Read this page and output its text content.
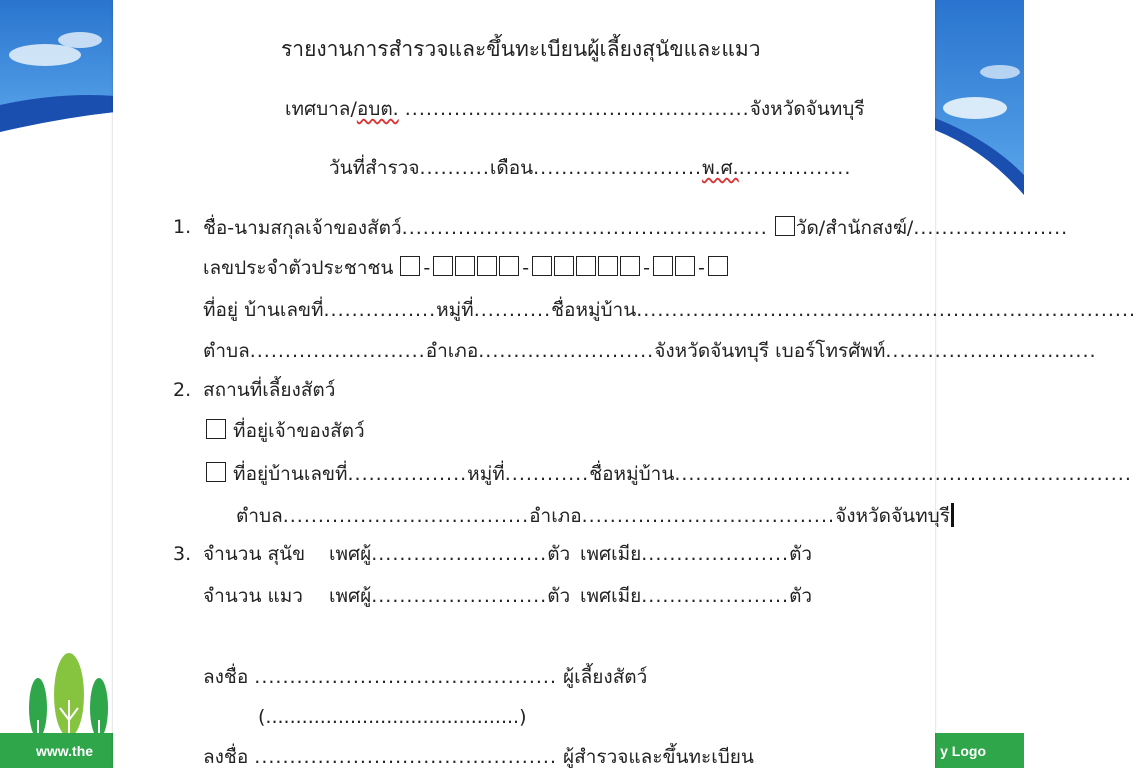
www.the	y Logo
รายงานการสำรวจและขึ้นทะเบียนผู้เลี้ยงสุนัขและแมว
เทศบาล/อบต. .................................................จังหวัดจันทบุรี
วันที่สำรวจ..........เดือน........................พ.ศ.................
1. ชื่อ-นามสกุลเจ้าของสัตว์.................................................... วัด/สำนักสงฆ์/......................
เลขประจำตัวประชาชน -	-	-	-
ที่อยู่ บ้านเลขที่................หมู่ที่...........ชื่อหมู่บ้าน.......................................................................
ตำบล.........................อำเภอ.........................จังหวัดจันทบุรี เบอร์โทรศัพท์..............................
2. สถานที่เลี้ยงสัตว์
ที่อยู่เจ้าของสัตว์
ที่อยู่บ้านเลขที่.................หมู่ที่............ชื่อหมู่บ้าน.................................................................
ตำบล...................................อำเภอ....................................จังหวัดจันทบุรี
3. จำนวน สุนัข เพศผู้.........................ตัว เพศเมีย.....................ตัว
จำนวน แมว เพศผู้.........................ตัว เพศเมีย.....................ตัว
ลงชื่อ ........................................... ผู้เลี้ยงสัตว์
(..........................................)
ลงชื่อ ........................................... ผู้สำรวจและขึ้นทะเบียน
